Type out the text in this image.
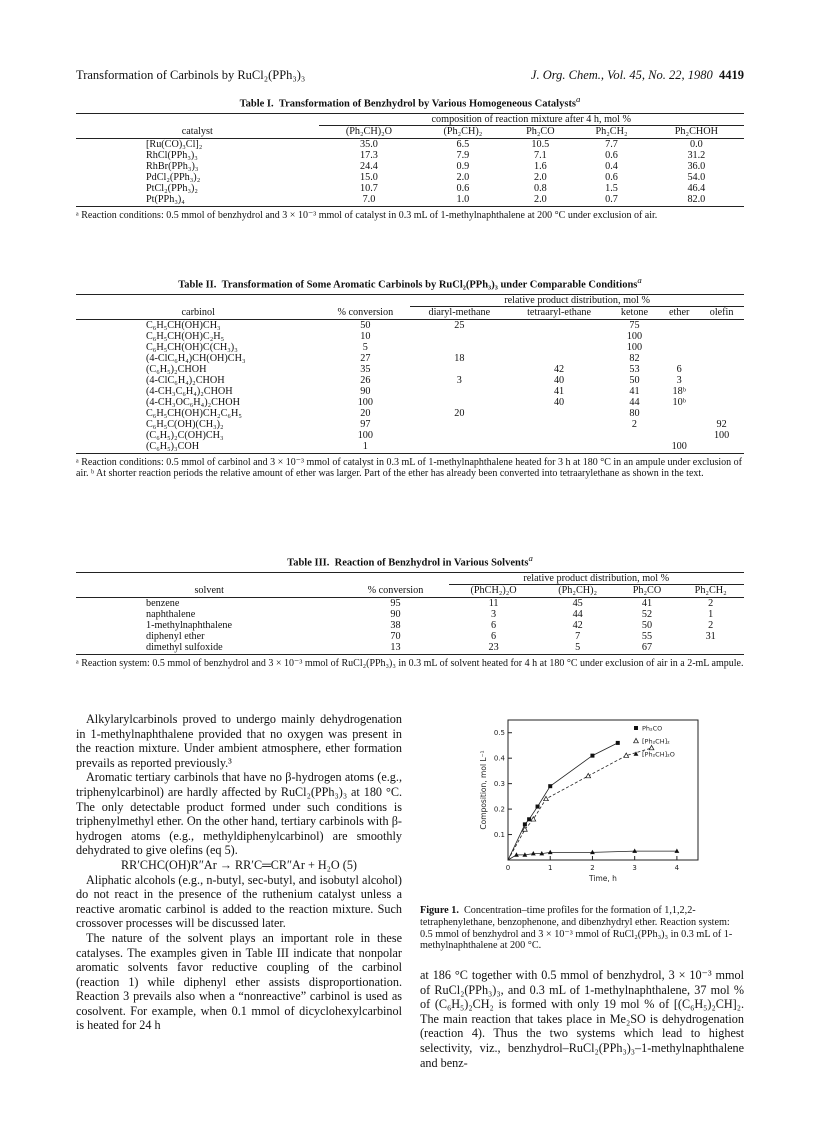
Transformation of Carbinols by RuCl₂(PPh₃)₃	J. Org. Chem., Vol. 45, No. 22, 1980 4419
Table I. Transformation of Benzhydrol by Various Homogeneous Catalysts$^a$
	composition of reaction mixture after 4 h, mol %				
catalyst	(Ph₂CH)₂O	(Ph₂CH)₂	Ph₂CO	Ph₂CH₂	Ph₂CHOH
[Ru(CO)₃Cl]₂	35.0	6.5	10.5	7.7	0.0
RhCl(PPh₃)₃	17.3	7.9	7.1	0.6	31.2
RhBr(PPh₃)₃	24.4	0.9	1.6	0.4	36.0
PdCl₂(PPh₃)₂	15.0	2.0	2.0	0.6	54.0
PtCl₂(PPh₃)₂	10.7	0.6	0.8	1.5	46.4
Pt(PPh₃)₄	7.0	1.0	2.0	0.7	82.0
ᵃ Reaction conditions: 0.5 mmol of benzhydrol and 3 × 10⁻³ mmol of catalyst in 0.3 mL of 1-methylnaphthalene at 200 °C under exclusion of air.
Table II. Transformation of Some Aromatic Carbinols by RuCl₂(PPh₃)₃ under Comparable Conditions$^a$
		relative product distribution, mol %				
carbinol	% conversion	diaryl-methane	tetraaryl-ethane	ketone	ether	olefin
C₆H₅CH(OH)CH₃	50	25		75		
C₆H₅CH(OH)C₂H₅	10			100		
C₆H₅CH(OH)C(CH₃)₃	5			100		
(4-ClC₆H₄)CH(OH)CH₃	27	18		82		
(C₆H₅)₂CHOH	35		42	53	6	
(4-ClC₆H₄)₂CHOH	26	3	40	50	3	
(4-CH₃C₆H₄)₂CHOH	90		41	41	18ᵇ	
(4-CH₃OC₆H₄)₂CHOH	100		40	44	10ᵇ	
C₆H₅CH(OH)CH₂C₆H₅	20	20		80		
C₆H₅C(OH)(CH₃)₂	97			2		92
(C₆H₅)₂C(OH)CH₃	100					100
(C₆H₅)₃COH	1				100	
ᵃ Reaction conditions: 0.5 mmol of carbinol and 3 × 10⁻³ mmol of catalyst in 0.3 mL of 1-methylnaphthalene heated for 3 h at 180 °C in an ampule under exclusion of air. ᵇ At shorter reaction periods the relative amount of ether was larger. Part of the ether has already been converted into tetraarylethane as shown in the text.
Table III. Reaction of Benzhydrol in Various Solvents$^a$
		relative product distribution, mol %			
solvent	% conversion	(PhCH₂)₂O	(Ph₂CH)₂	Ph₂CO	Ph₂CH₂
benzene	95	11	45	41	2
naphthalene	90	3	44	52	1
1-methylnaphthalene	38	6	42	50	2
diphenyl ether	70	6	7	55	31
dimethyl sulfoxide	13	23	5	67	
ᵃ Reaction system: 0.5 mmol of benzhydrol and 3 × 10⁻³ mmol of RuCl₂(PPh₃)₃ in 0.3 mL of solvent heated for 4 h at 180 °C under exclusion of air in a 2-mL ampule.

Alkylarylcarbinols proved to undergo mainly dehydrogenation in 1-methylnaphthalene provided that no oxygen was present in the reaction mixture. Under ambient atmosphere, ether formation prevails as reported previously.³

Aromatic tertiary carbinols that have no β-hydrogen atoms (e.g., triphenylcarbinol) are hardly affected by RuCl₂(PPh₃)₃ at 180 °C. The only detectable product formed under such conditions is triphenylmethyl ether. On the other hand, tertiary carbinols with β-hydrogen atoms (e.g., methyldiphenylcarbinol) are smoothly dehydrated to give olefins (eq 5).

RR′CHC(OH)R″Ar → RR′C═CR″Ar + H₂O (5)

Aliphatic alcohols (e.g., n-butyl, sec-butyl, and isobutyl alcohol) do not react in the presence of the ruthenium catalyst unless a reactive aromatic carbinol is added to the reaction mixture. Such crossover processes will be discussed later.

The nature of the solvent plays an important role in these catalyses. The examples given in Table III indicate that nonpolar aromatic solvents favor reductive coupling of the carbinol (reaction 1) while diphenyl ether assists disproportionation. Reaction 3 prevails also when a “nonreactive” carbinol is used as cosolvent. For example, when 0.1 mmol of dicyclohexylcarbinol is heated for 24 h

0	1	2	3	4
0.1
0.2
0.3
0.4
0.5
Time, h
Composition, mol L⁻¹
Ph₂CO
[Ph₂CH]₂
[Ph₂CH]₂O
Figure 1. Concentration–time profiles for the formation of 1,1,2,2-tetraphenylethane, benzophenone, and dibenzhydryl ether. Reaction system: 0.5 mmol of benzhydrol and 3 × 10⁻³ mmol of RuCl₂(PPh₃)₃ in 0.3 mL of 1-methylnaphthalene at 200 °C.

at 186 °C together with 0.5 mmol of benzhydrol, 3 × 10⁻³ mmol of RuCl₂(PPh₃)₃, and 0.3 mL of 1-methylnaphthalene, 37 mol % of (C₆H₅)₂CH₂ is formed with only 19 mol % of [(C₆H₅)₂CH]₂. The main reaction that takes place in Me₂SO is dehydrogenation (reaction 4). Thus the two systems which lead to highest selectivity, viz., benzhydrol–RuCl₂(PPh₃)₃–1-methylnaphthalene and benz-
